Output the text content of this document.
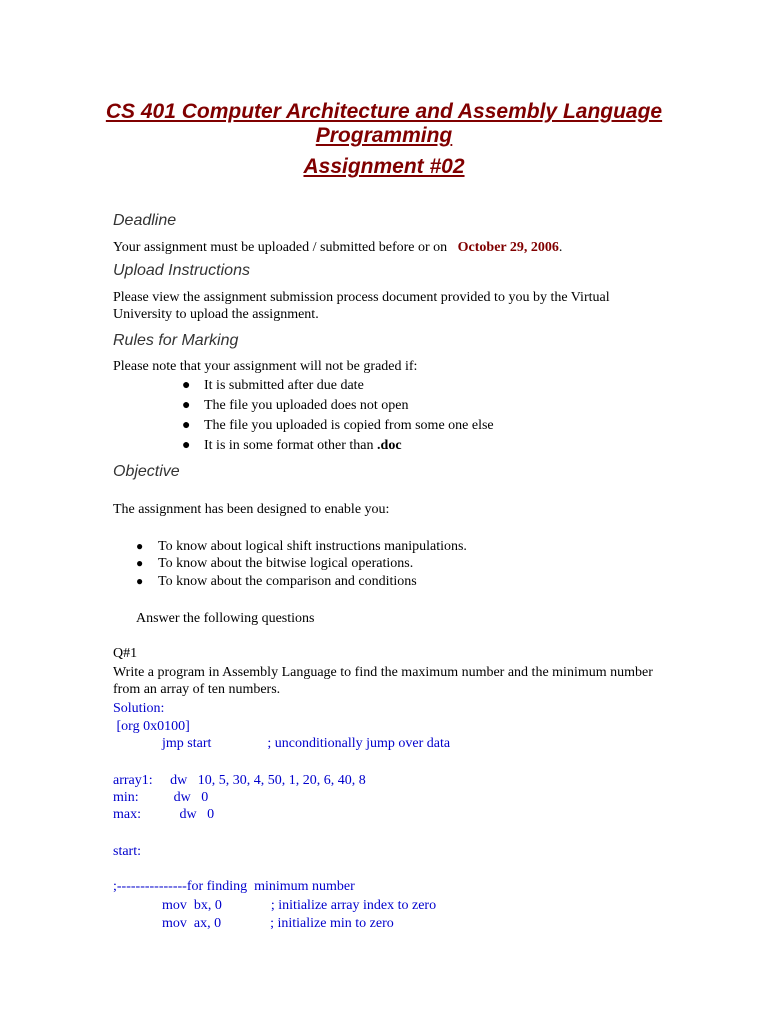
CS 401 Computer Architecture and Assembly Language
Programming
Assignment #02
Deadline

Your assignment must be uploaded / submitted before or on October 29, 2006.

Upload Instructions

Please view the assignment submission process document provided to you by the Virtual University to upload the assignment.

Rules for Marking

Please note that your assignment will not be graded if:

● It is submitted after due date
● The file you uploaded does not open
● The file you uploaded is copied from some one else
● It is in some format other than .doc
Objective

The assignment has been designed to enable you:

● To know about logical shift instructions manipulations.
● To know about the bitwise logical operations.
● To know about the comparison and conditions

Answer the following questions

Q#1

Write a program in Assembly Language to find the maximum number and the minimum number from an array of ten numbers.

Solution:

[org 0x0100]
jmp start                ; unconditionally jump over data
array1:     dw   10, 5, 30, 4, 50, 1, 20, 6, 40, 8
min:          dw   0
max:           dw   0
start:
;---------------for finding  minimum number
mov  bx, 0              ; initialize array index to zero
mov  ax, 0              ; initialize min to zero
